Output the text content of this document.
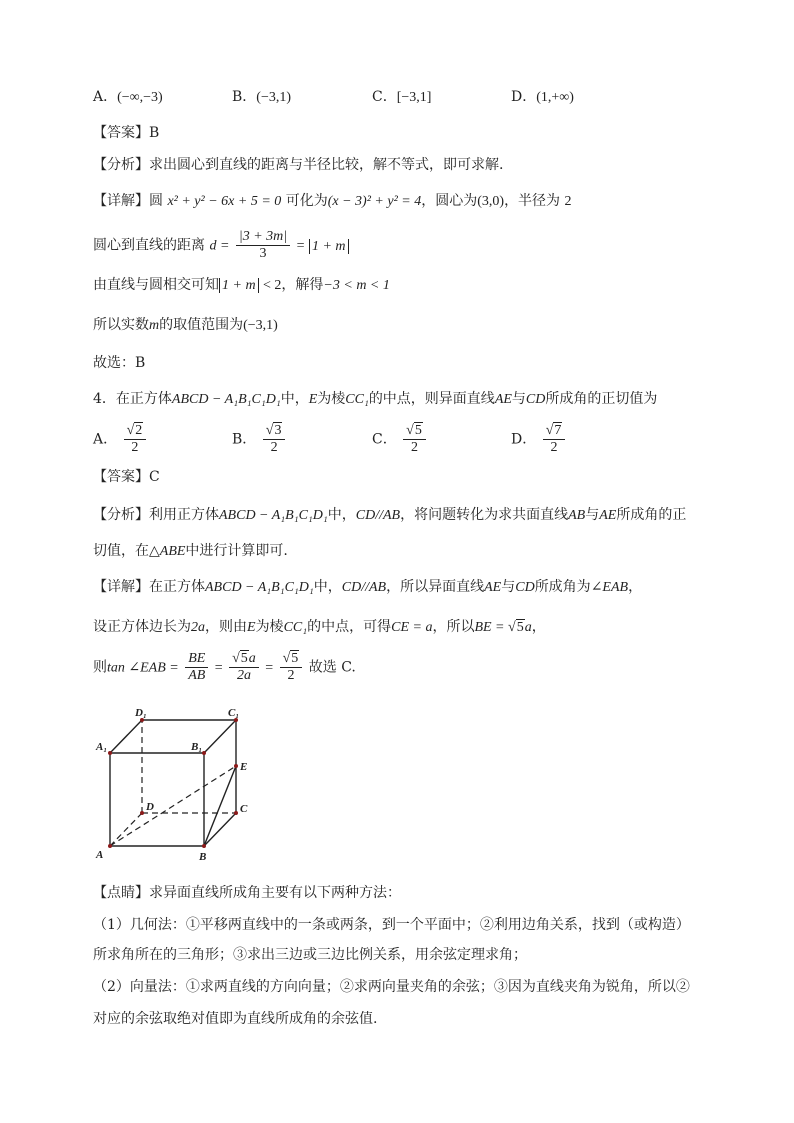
A．(−∞,−3)	B．(−3,1)	C．[−3,1]	D．(1,+∞)
【答案】B
【分析】求出圆心到直线的距离与半径比较，解不等式，即可求解.
【详解】圆 x² + y² − 6x + 5 = 0 可化为(x − 3)² + y² = 4，圆心为(3,0)，半径为 2
圆心到直线的距离 $d = \frac{|3 + 3m|}{3} = 1 + m$
由直线与圆相交可知 1 + m < 2，解得−3 < m < 1
所以实数m的取值范围为(−3,1)
故选：B
4．在正方体ABCD − A₁B₁C₁D₁中，E为棱CC₁的中点，则异面直线AE与CD所成角的正切值为
A． $\frac{√2}{2}$	B． $\frac{√3}{2}$	C． $\frac{√5}{2}$	D． $\frac{√7}{2}$
【答案】C
【分析】利用正方体ABCD − A₁B₁C₁D₁中，CD//AB，将问题转化为求共面直线AB与AE所成角的正
切值，在△ABE中进行计算即可.
【详解】在正方体ABCD − A₁B₁C₁D₁中，CD//AB，所以异面直线AE与CD所成角为∠EAB，
设正方体边长为2a，则由E为棱CC₁的中点，可得CE = a，所以BE = √5a，
则tan ∠EAB = $\frac{BE}{AB} = \frac{√5a}{2a} = \frac{√5}{2}$ 故选 C.
A	B
C
D
A₁	B₁
C₁
D₁
E
【点睛】求异面直线所成角主要有以下两种方法：
（1）几何法：①平移两直线中的一条或两条，到一个平面中；②利用边角关系，找到（或构造）
所求角所在的三角形；③求出三边或三边比例关系，用余弦定理求角；
（2）向量法：①求两直线的方向向量；②求两向量夹角的余弦；③因为直线夹角为锐角，所以②
对应的余弦取绝对值即为直线所成角的余弦值.
